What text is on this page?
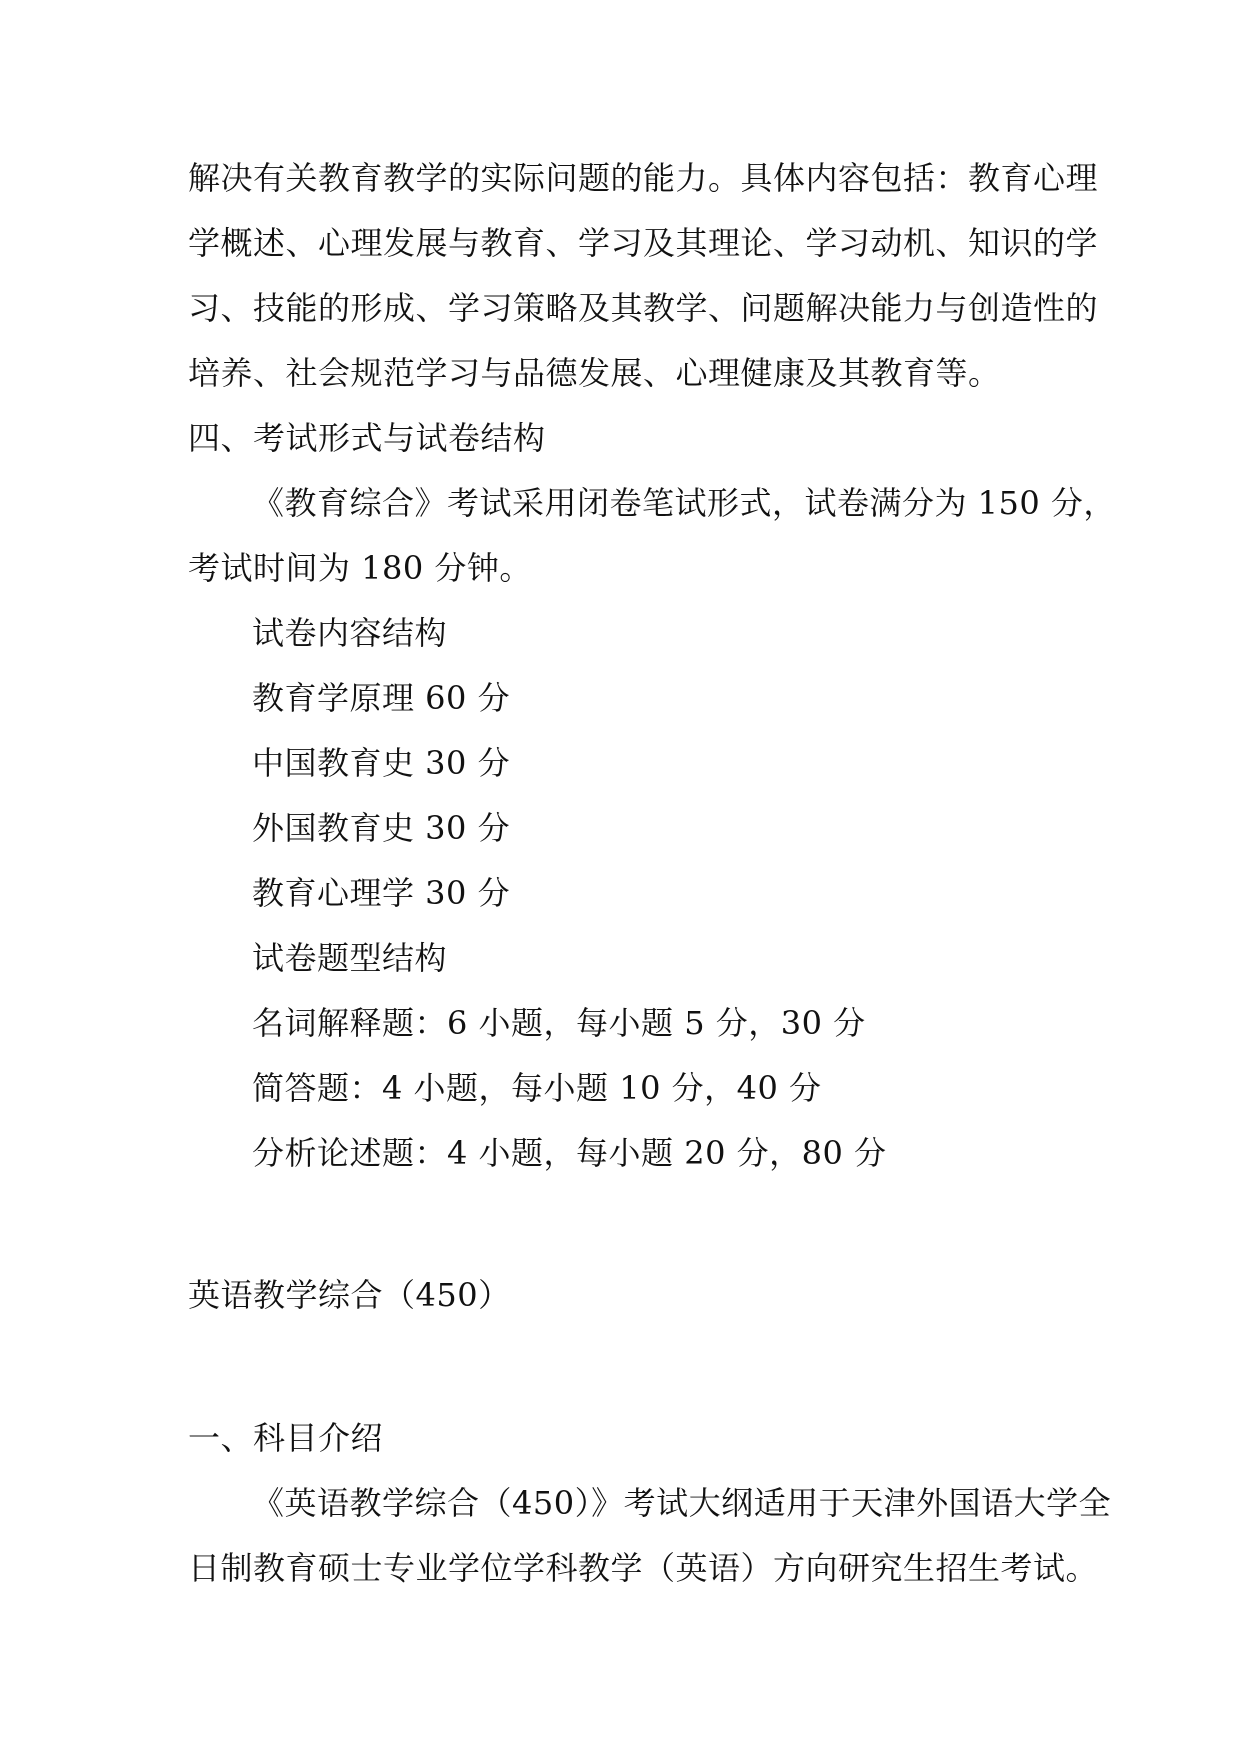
解决有关教育教学的实际问题的能力。具体内容包括：教育心理
学概述、心理发展与教育、学习及其理论、学习动机、知识的学
习、技能的形成、学习策略及其教学、问题解决能力与创造性的
培养、社会规范学习与品德发展、心理健康及其教育等。
四、考试形式与试卷结构
《教育综合》考试采用闭卷笔试形式，试卷满分为 150 分，
考试时间为 180 分钟。
试卷内容结构
教育学原理 60 分
中国教育史 30 分
外国教育史 30 分
教育心理学 30 分
试卷题型结构
名词解释题：6 小题，每小题 5 分，30 分
简答题：4 小题，每小题 10 分，40 分
分析论述题：4 小题，每小题 20 分，80 分
英语教学综合（450）
一、科目介绍
《英语教学综合（450）》考试大纲适用于天津外国语大学全
日制教育硕士专业学位学科教学（英语）方向研究生招生考试。
